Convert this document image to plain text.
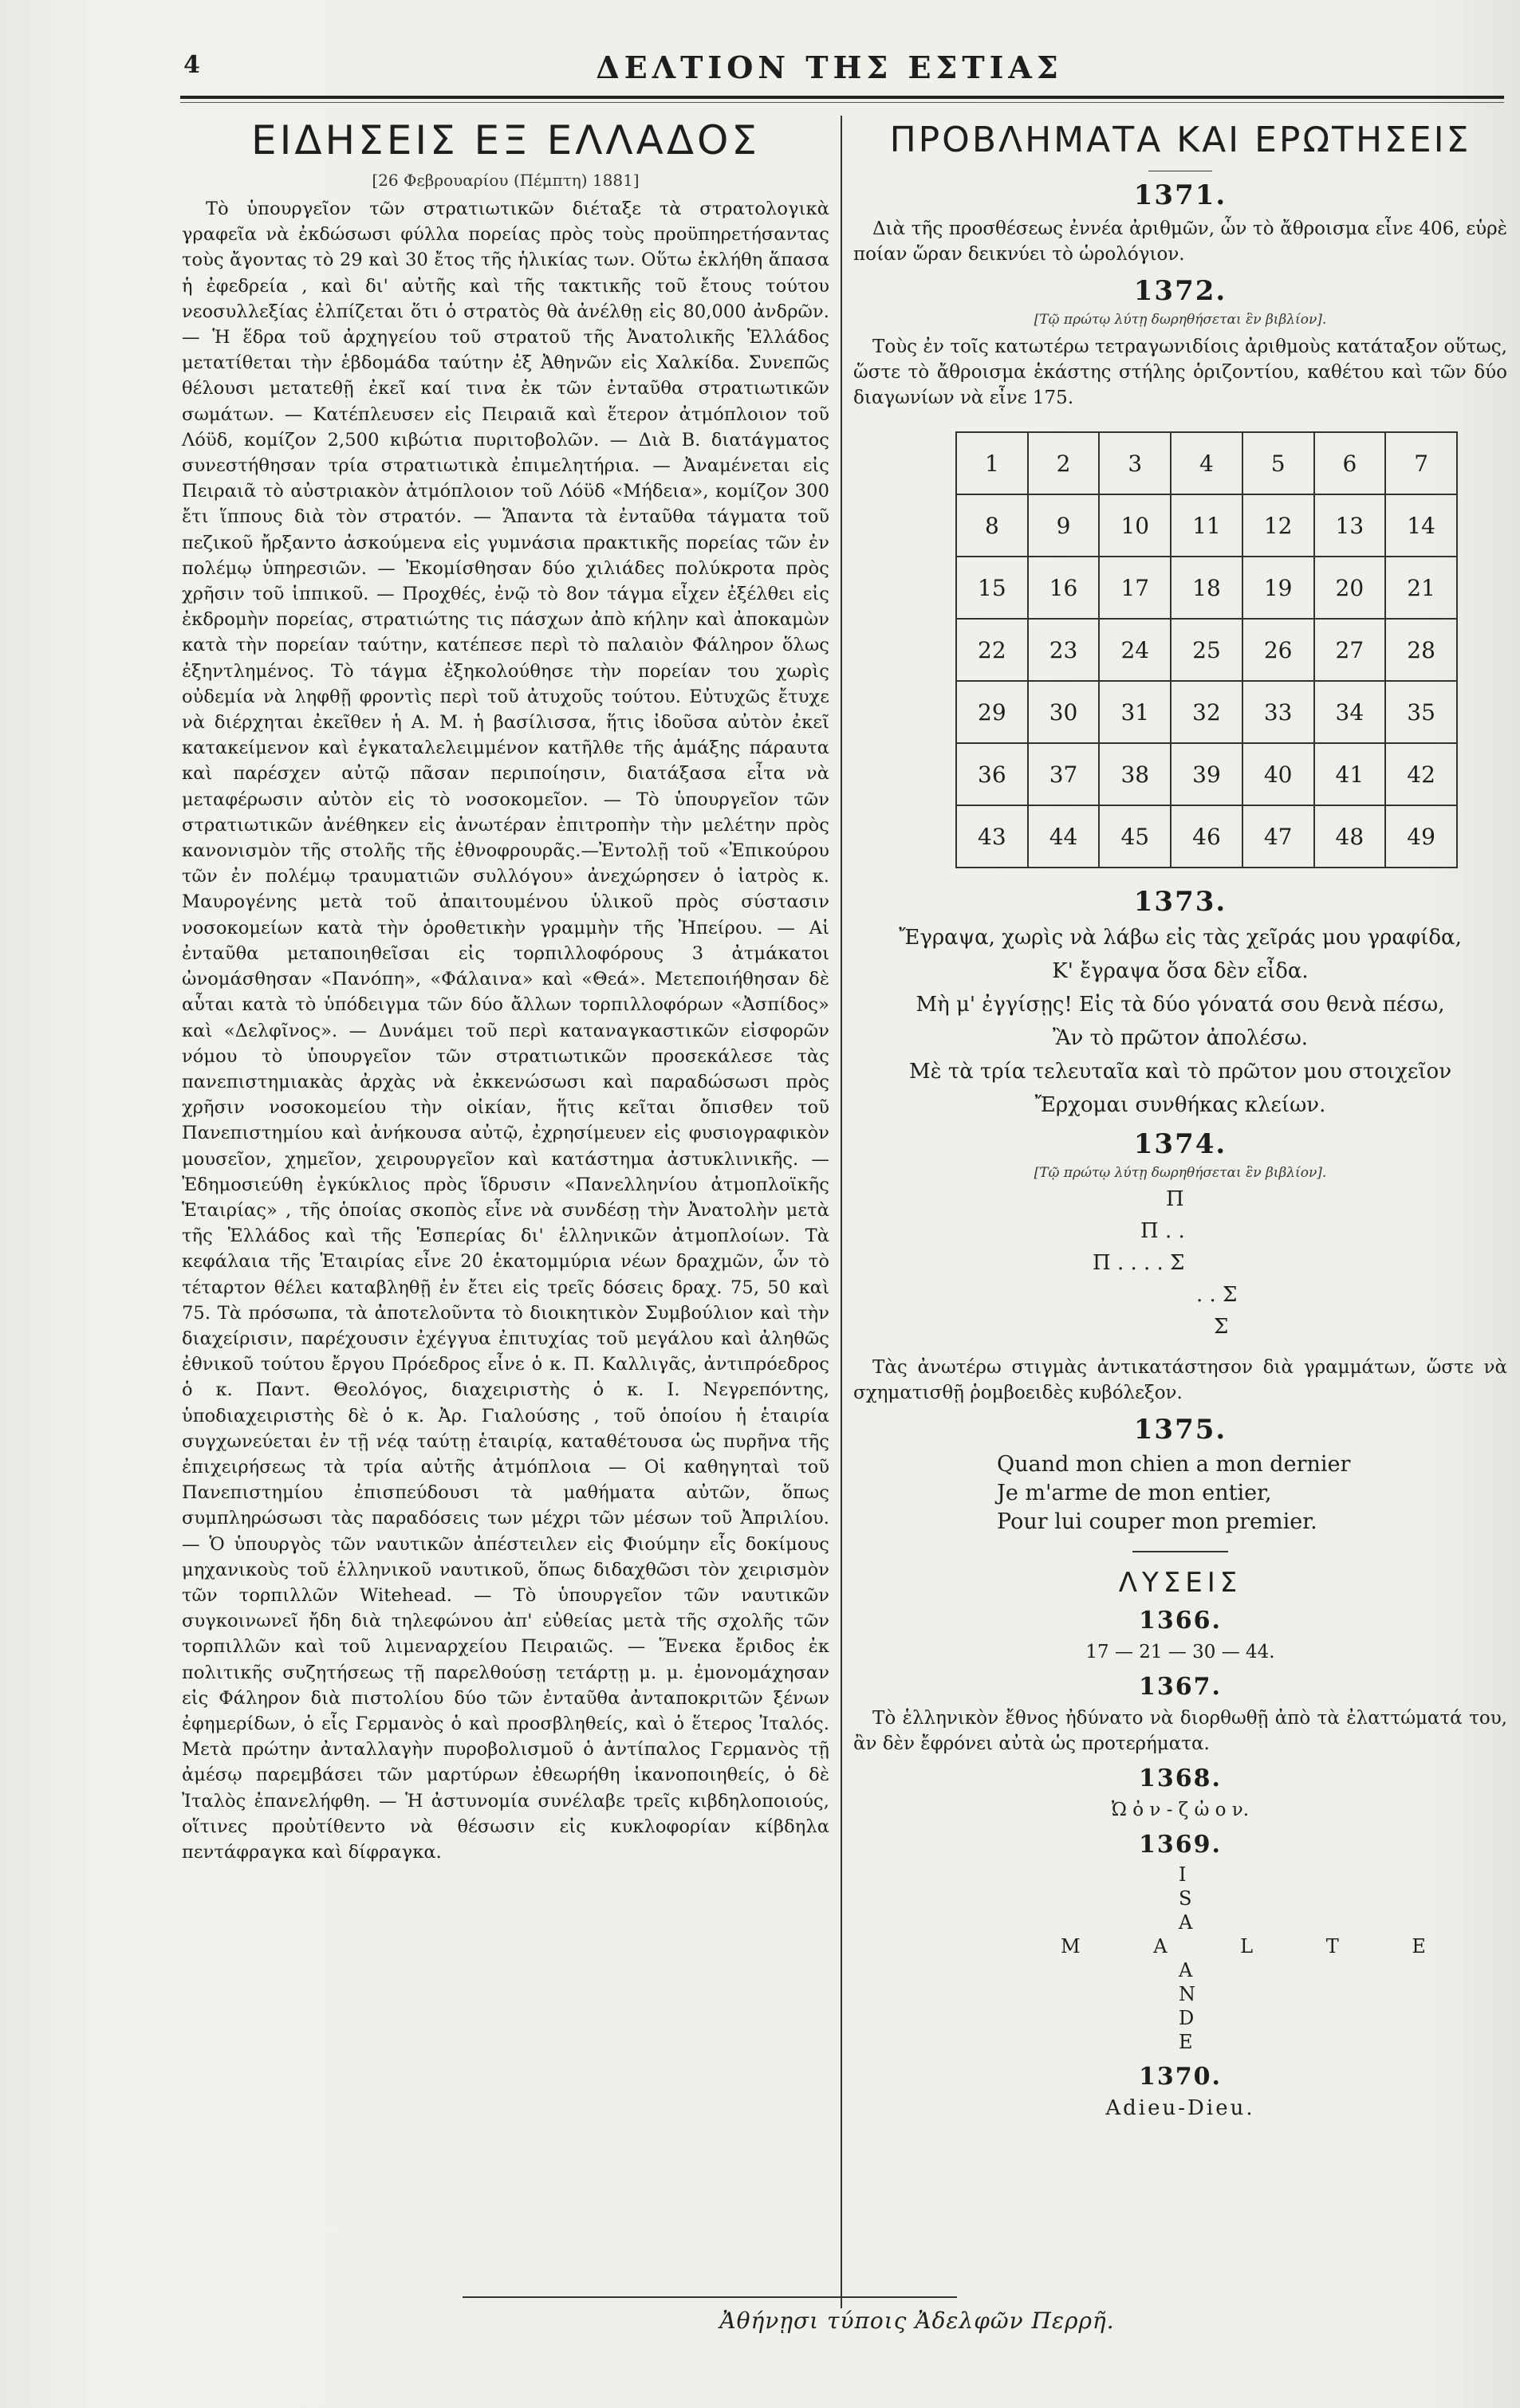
4	ΔΕΛΤΙΟΝ ΤΗΣ ΕΣΤΙΑΣ
ΕΙΔΗΣΕΙΣ ΕΞ ΕΛΛΑΔΟΣ
[26 Φεβρουαρίου (Πέμπτη) 1881]

Τὸ ὑπουργεῖον τῶν στρατιωτικῶν διέταξε τὰ στρατολογικὰ γραφεῖα νὰ ἐκδώσωσι φύλλα πορείας πρὸς τοὺς προϋπηρετήσαντας τοὺς ἄγοντας τὸ 29 καὶ 30 ἔτος τῆς ἡλικίας των. Οὕτω ἐκλήθη ἅπασα ἡ ἐφεδρεία , καὶ δι' αὐτῆς καὶ τῆς τακτικῆς τοῦ ἔτους τούτου νεοσυλλεξίας ἐλπίζεται ὅτι ὁ στρατὸς θὰ ἀνέλθῃ εἰς 80,000 ἀνδρῶν. — Ἡ ἕδρα τοῦ ἀρχηγείου τοῦ στρατοῦ τῆς Ἀνατολικῆς Ἑλλάδος μετατίθεται τὴν ἑβδομάδα ταύτην ἐξ Ἀθηνῶν εἰς Χαλκίδα. Συνεπῶς θέλουσι μετατεθῇ ἐκεῖ καί τινα ἐκ τῶν ἐνταῦθα στρατιωτικῶν σωμάτων. — Κατέπλευσεν εἰς Πειραιᾶ καὶ ἕτερον ἀτμόπλοιον τοῦ Λόϋδ, κομίζον 2,500 κιβώτια πυριτοβολῶν. — Διὰ Β. διατάγματος συνεστήθησαν τρία στρατιωτικὰ ἐπιμελητήρια. — Ἀναμένεται εἰς Πειραιᾶ τὸ αὐστριακὸν ἀτμόπλοιον τοῦ Λόϋδ «Μήδεια», κομίζον 300 ἔτι ἵππους διὰ τὸν στρατόν. — Ἅπαντα τὰ ἐνταῦθα τάγματα τοῦ πεζικοῦ ἤρξαντο ἀσκούμενα εἰς γυμνάσια πρακτικῆς πορείας τῶν ἐν πολέμῳ ὑπηρεσιῶν. — Ἐκομίσθησαν δύο χιλιάδες πολύκροτα πρὸς χρῆσιν τοῦ ἱππικοῦ. — Προχθές, ἐνῷ τὸ 8ον τάγμα εἶχεν ἐξέλθει εἰς ἐκδρομὴν πορείας, στρατιώτης τις πάσχων ἀπὸ κήλην καὶ ἀποκαμὼν κατὰ τὴν πορείαν ταύτην, κατέπεσε περὶ τὸ παλαιὸν Φάληρον ὅλως ἐξηντλημένος. Τὸ τάγμα ἐξηκολούθησε τὴν πορείαν του χωρὶς οὐδεμία νὰ ληφθῇ φροντὶς περὶ τοῦ ἀτυχοῦς τούτου. Εὐτυχῶς ἔτυχε νὰ διέρχηται ἐκεῖθεν ἡ Α. Μ. ἡ βασίλισσα, ἥτις ἰδοῦσα αὐτὸν ἐκεῖ κατακείμενον καὶ ἐγκαταλελειμμένον κατῆλθε τῆς ἁμάξης πάραυτα καὶ παρέσχεν αὐτῷ πᾶσαν περιποίησιν, διατάξασα εἶτα νὰ μεταφέρωσιν αὐτὸν εἰς τὸ νοσοκομεῖον. — Τὸ ὑπουργεῖον τῶν στρατιωτικῶν ἀνέθηκεν εἰς ἀνωτέραν ἐπιτροπὴν τὴν μελέτην πρὸς κανονισμὸν τῆς στολῆς τῆς ἐθνοφρουρᾶς.—Ἐντολῇ τοῦ «Ἐπικούρου τῶν ἐν πολέμῳ τραυματιῶν συλλόγου» ἀνεχώρησεν ὁ ἰατρὸς κ. Μαυρογένης μετὰ τοῦ ἀπαιτουμένου ὑλικοῦ πρὸς σύστασιν νοσοκομείων κατὰ τὴν ὁροθετικὴν γραμμὴν τῆς Ἠπείρου. — Αἱ ἐνταῦθα μεταποιηθεῖσαι εἰς τορπιλλοφόρους 3 ἀτμάκατοι ὠνομάσθησαν «Πανόπη», «Φάλαινα» καὶ «Θεά». Μετεποιήθησαν δὲ αὗται κατὰ τὸ ὑπόδειγμα τῶν δύο ἄλλων τορπιλλοφόρων «Ἀσπίδος» καὶ «Δελφῖνος». — Δυνάμει τοῦ περὶ καταναγκαστικῶν εἰσφορῶν νόμου τὸ ὑπουργεῖον τῶν στρατιωτικῶν προσεκάλεσε τὰς πανεπιστημιακὰς ἀρχὰς νὰ ἐκκενώσωσι καὶ παραδώσωσι πρὸς χρῆσιν νοσοκομείου τὴν οἰκίαν, ἥτις κεῖται ὄπισθεν τοῦ Πανεπιστημίου καὶ ἀνήκουσα αὐτῷ, ἐχρησίμευεν εἰς φυσιογραφικὸν μουσεῖον, χημεῖον, χειρουργεῖον καὶ κατάστημα ἀστυκλινικῆς. — Ἐδημοσιεύθη ἐγκύκλιος πρὸς ἵδρυσιν «Πανελληνίου ἀτμοπλοϊκῆς Ἑταιρίας» , τῆς ὁποίας σκοπὸς εἶνε νὰ συνδέσῃ τὴν Ἀνατολὴν μετὰ τῆς Ἑλλάδος καὶ τῆς Ἑσπερίας δι' ἑλληνικῶν ἀτμοπλοίων. Τὰ κεφάλαια τῆς Ἑταιρίας εἶνε 20 ἑκατομμύρια νέων δραχμῶν, ὧν τὸ τέταρτον θέλει καταβληθῇ ἐν ἔτει εἰς τρεῖς δόσεις δραχ. 75, 50 καὶ 75. Τὰ πρόσωπα, τὰ ἀποτελοῦντα τὸ διοικητικὸν Συμβούλιον καὶ τὴν διαχείρισιν, παρέχουσιν ἐχέγγυα ἐπιτυχίας τοῦ μεγάλου καὶ ἀληθῶς ἐθνικοῦ τούτου ἔργου Πρόεδρος εἶνε ὁ κ. Π. Καλλιγᾶς, ἀντιπρόεδρος ὁ κ. Παντ. Θεολόγος, διαχειριστὴς ὁ κ. Ι. Νεγρεπόντης, ὑποδιαχειριστὴς δὲ ὁ κ. Ἀρ. Γιαλούσης , τοῦ ὁποίου ἡ ἑταιρία συγχωνεύεται ἐν τῇ νέᾳ ταύτῃ ἑταιρίᾳ, καταθέτουσα ὡς πυρῆνα τῆς ἐπιχειρήσεως τὰ τρία αὐτῆς ἀτμόπλοια — Οἱ καθηγηταὶ τοῦ Πανεπιστημίου ἐπισπεύδουσι τὰ μαθήματα αὐτῶν, ὅπως συμπληρώσωσι τὰς παραδόσεις των μέχρι τῶν μέσων τοῦ Ἀπριλίου. — Ὁ ὑπουργὸς τῶν ναυτικῶν ἀπέστειλεν εἰς Φιούμην εἷς δοκίμους μηχανικοὺς τοῦ ἑλληνικοῦ ναυτικοῦ, ὅπως διδαχθῶσι τὸν χειρισμὸν τῶν τορπιλλῶν Witehead. — Τὸ ὑπουργεῖον τῶν ναυτικῶν συγκοινωνεῖ ἤδη διὰ τηλεφώνου ἀπ' εὐθείας μετὰ τῆς σχολῆς τῶν τορπιλλῶν καὶ τοῦ λιμεναρχείου Πειραιῶς. — Ἕνεκα ἔριδος ἐκ πολιτικῆς συζητήσεως τῇ παρελθούσῃ τετάρτῃ μ. μ. ἐμονομάχησαν εἰς Φάληρον διὰ πιστολίου δύο τῶν ἐνταῦθα ἀνταποκριτῶν ξένων ἐφημερίδων, ὁ εἷς Γερμανὸς ὁ καὶ προσβληθείς, καὶ ὁ ἕτερος Ἰταλός. Μετὰ πρώτην ἀνταλλαγὴν πυροβολισμοῦ ὁ ἀντίπαλος Γερμανὸς τῇ ἀμέσῳ παρεμβάσει τῶν μαρτύρων ἐθεωρήθη ἱκανοποιηθείς, ὁ δὲ Ἰταλὸς ἐπανελήφθη. — Ἡ ἀστυνομία συνέλαβε τρεῖς κιβδηλοποιούς, οἵτινες προὐτίθεντο νὰ θέσωσιν εἰς κυκλοφορίαν κίβδηλα πεντάφραγκα καὶ δίφραγκα.

ΠΡΟΒΛΗΜΑΤΑ ΚΑΙ ΕΡΩΤΗΣΕΙΣ
1371.

Διὰ τῆς προσθέσεως ἐννέα ἀριθμῶν, ὧν τὸ ἄθροισμα εἶνε 406, εὑρὲ ποίαν ὥραν δεικνύει τὸ ὡρολόγιον.

1372.
[Τῷ πρώτῳ λύτῃ δωρηθήσεται ἓν βιβλίον].

Τοὺς ἐν τοῖς κατωτέρω τετραγωνιδίοις ἀριθμοὺς κατάταξον οὕτως, ὥστε τὸ ἄθροισμα ἑκάστης στήλης ὁριζοντίου, καθέτου καὶ τῶν δύο διαγωνίων νὰ εἶνε 175.

1	2	3	4	5	6	7
8	9	10	11	12	13	14
15	16	17	18	19	20	21
22	23	24	25	26	27	28
29	30	31	32	33	34	35
36	37	38	39	40	41	42
43	44	45	46	47	48	49
1373.
Ἔγραψα, χωρὶς νὰ λάβω εἰς τὰς χεῖράς μου γραφίδα,
Κ' ἔγραψα ὅσα δὲν εἶδα.
Μὴ μ' ἐγγίσῃς! Εἰς τὰ δύο γόνατά σου θενὰ πέσω,
Ἂν τὸ πρῶτον ἀπολέσω.
Μὲ τὰ τρία τελευταῖα καὶ τὸ πρῶτον μου στοιχεῖον
Ἔρχομαι συνθήκας κλείων.
1374.
[Τῷ πρώτῳ λύτῃ δωρηθήσεται ἓν βιβλίον].
Π
Π . .
Π . . . . Σ
. . Σ
Σ

Τὰς ἀνωτέρω στιγμὰς ἀντικατάστησον διὰ γραμμάτων, ὥστε νὰ σχηματισθῇ ῥομβοειδὲς κυβόλεξον.

1375.
Quand mon chien a mon dernier
Je m'arme de mon entier,
Pour lui couper mon premier.
ΛΥΣΕΙΣ
1366.

17 — 21 — 30 — 44.

1367.

Τὸ ἑλληνικὸν ἔθνος ἠδύνατο νὰ διορθωθῇ ἀπὸ τὰ ἐλαττώματά του, ἂν δὲν ἔφρόνει αὐτὰ ὡς προτερήματα.

1368.

Ὠ ὀ ν - ζ ὠ ο ν.

1369.
I
S
A
M A L T E
A
N
D
E
1370.

Adieu-Dieu.

Ἀθήνῃσι τύποις Ἀδελφῶν Περρῆ.
